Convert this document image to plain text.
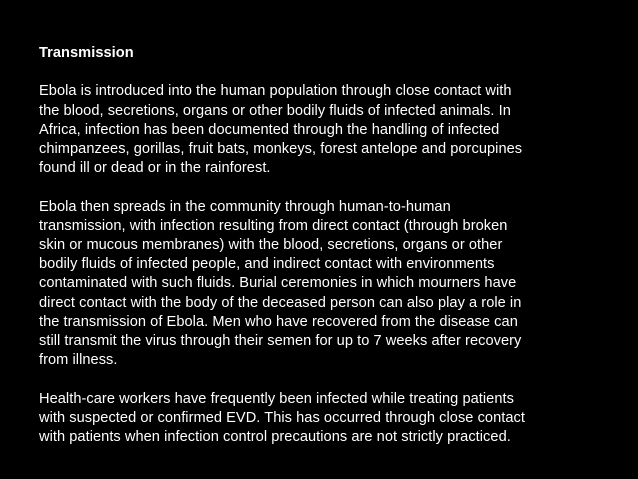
Transmission
Ebola is introduced into the human population through close contact with
the blood, secretions, organs or other bodily fluids of infected animals. In
Africa, infection has been documented through the handling of infected
chimpanzees, gorillas, fruit bats, monkeys, forest antelope and porcupines
found ill or dead or in the rainforest.
Ebola then spreads in the community through human-to-human
transmission, with infection resulting from direct contact (through broken
skin or mucous membranes) with the blood, secretions, organs or other
bodily fluids of infected people, and indirect contact with environments
contaminated with such fluids. Burial ceremonies in which mourners have
direct contact with the body of the deceased person can also play a role in
the transmission of Ebola. Men who have recovered from the disease can
still transmit the virus through their semen for up to 7 weeks after recovery
from illness.
Health-care workers have frequently been infected while treating patients
with suspected or confirmed EVD. This has occurred through close contact
with patients when infection control precautions are not strictly practiced.
